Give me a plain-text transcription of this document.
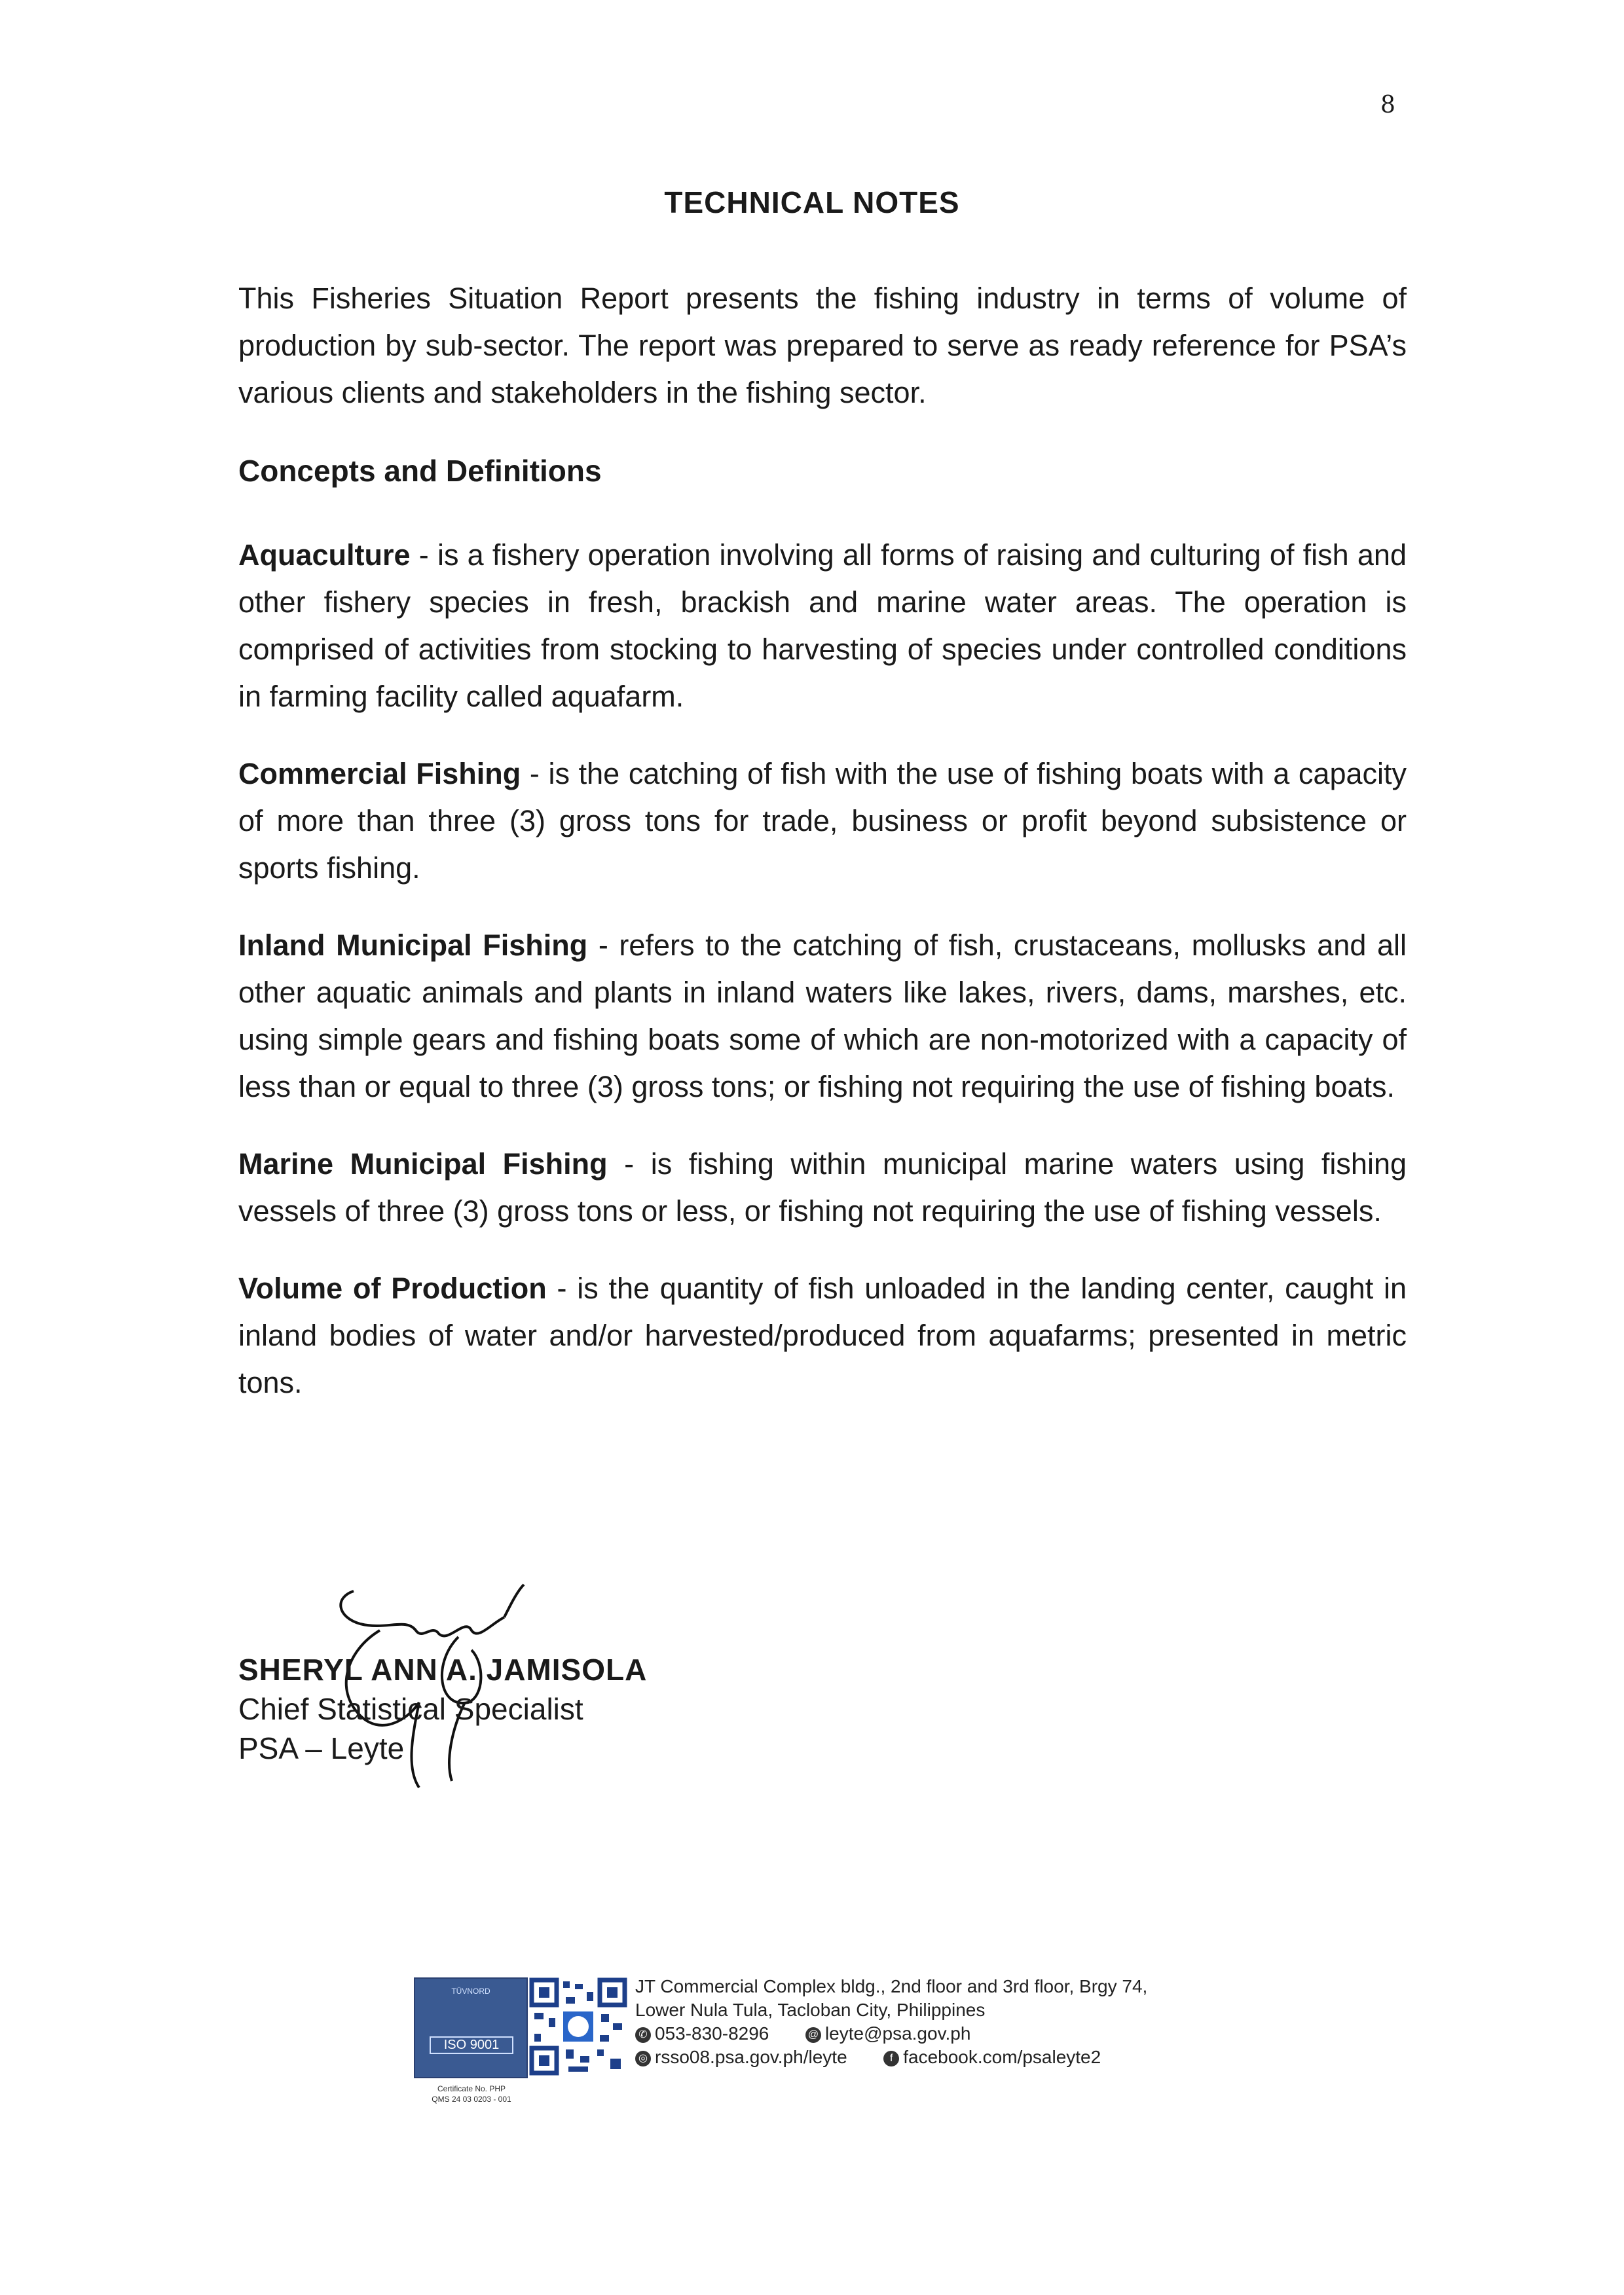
8
TECHNICAL NOTES
This Fisheries Situation Report presents the fishing industry in terms of volume of production by sub-sector. The report was prepared to serve as ready reference for PSA’s various clients and stakeholders in the fishing sector.
Concepts and Definitions

Aquaculture - is a fishery operation involving all forms of raising and culturing of fish and other fishery species in fresh, brackish and marine water areas. The operation is comprised of activities from stocking to harvesting of species under controlled conditions in farming facility called aquafarm.

Commercial Fishing - is the catching of fish with the use of fishing boats with a capacity of more than three (3) gross tons for trade, business or profit beyond subsistence or sports fishing.

Inland Municipal Fishing - refers to the catching of fish, crustaceans, mollusks and all other aquatic animals and plants in inland waters like lakes, rivers, dams, marshes, etc. using simple gears and fishing boats some of which are non-motorized with a capacity of less than or equal to three (3) gross tons; or fishing not requiring the use of fishing boats.

Marine Municipal Fishing - is fishing within municipal marine waters using fishing vessels of three (3) gross tons or less, or fishing not requiring the use of fishing vessels.

Volume of Production - is the quantity of fish unloaded in the landing center, caught in inland bodies of water and/or harvested/produced from aquafarms; presented in metric tons.

SHERYL ANN A. JAMISOLA
Chief Statistical Specialist
PSA – Leyte
TÜVNORD
ISO 9001
Certificate No. PHP
QMS 24 03 0203 - 001
JT Commercial Complex bldg., 2nd floor and 3rd floor, Brgy 74,
Lower Nula Tula, Tacloban City, Philippines
✆ 053-830-8296	@ leyte@psa.gov.ph
◎ rsso08.psa.gov.ph/leyte	f facebook.com/psaleyte2
